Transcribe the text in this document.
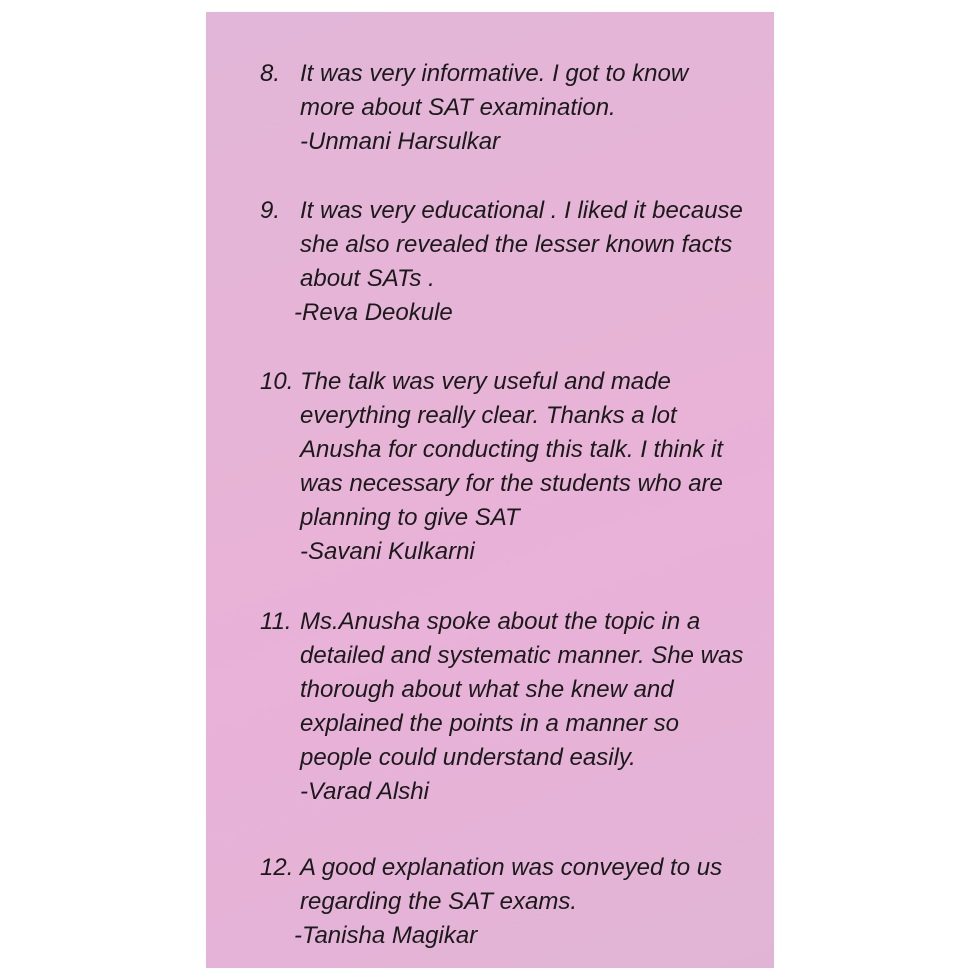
8. It was very informative. I got to know
more about SAT examination.
-Unmani Harsulkar
9. It was very educational . I liked it because
she also revealed the lesser known facts
about SATs .
-Reva Deokule
10. The talk was very useful and made
everything really clear. Thanks a lot
Anusha for conducting this talk. I think it
was necessary for the students who are
planning to give SAT
-Savani Kulkarni
11. Ms.Anusha spoke about the topic in a
detailed and systematic manner. She was
thorough about what she knew and
explained the points in a manner so
people could understand easily.
-Varad Alshi
12. A good explanation was conveyed to us
regarding the SAT exams.
-Tanisha Magikar
